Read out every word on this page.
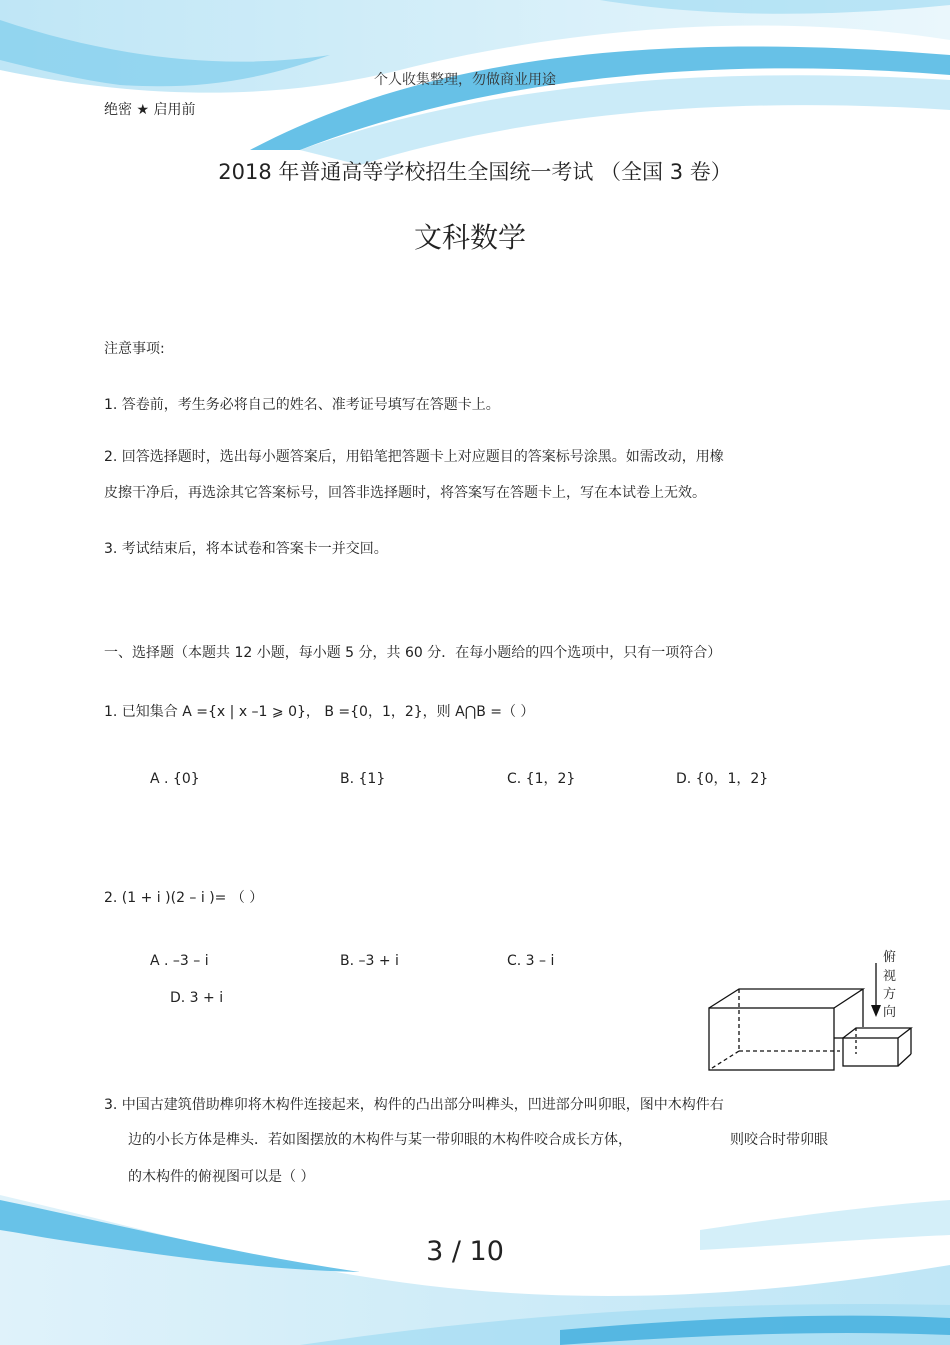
个人收集整理，勿做商业用途
绝密 ★ 启用前
2018 年普通高等学校招生全国统一考试 （全国 3 卷）
文科数学
注意事项:
1. 答卷前，考生务必将自己的姓名、准考证号填写在答题卡上。
2. 回答选择题时，选出每小题答案后，用铅笔把答题卡上对应题目的答案标号涂黑。如需改动，用橡
皮擦干净后，再选涂其它答案标号，回答非选择题时，将答案写在答题卡上，写在本试卷上无效。
3. 考试结束后，将本试卷和答案卡一并交回。
一、选择题（本题共 12 小题，每小题 5 分，共 60 分．在每小题给的四个选项中，只有一项符合）
1. 已知集合 A ={x | x –1 ⩾ 0}， B ={0，1，2}，则 A⋂B =（ ）
A . {0}	B. {1}	C. {1，2}	D. {0，1，2}
2. (1 + i )(2 – i )= （ ）
A . –3 – i	B. –3 + i	C. 3 – i
D. 3 + i
俯
视
方
向
3. 中国古建筑借助榫卯将木构件连接起来，构件的凸出部分叫榫头，凹进部分叫卯眼，图中木构件右
边的小长方体是榫头．若如图摆放的木构件与某一带卯眼的木构件咬合成长方体，	则咬合时带卯眼
的木构件的俯视图可以是（ ）
3 / 10
